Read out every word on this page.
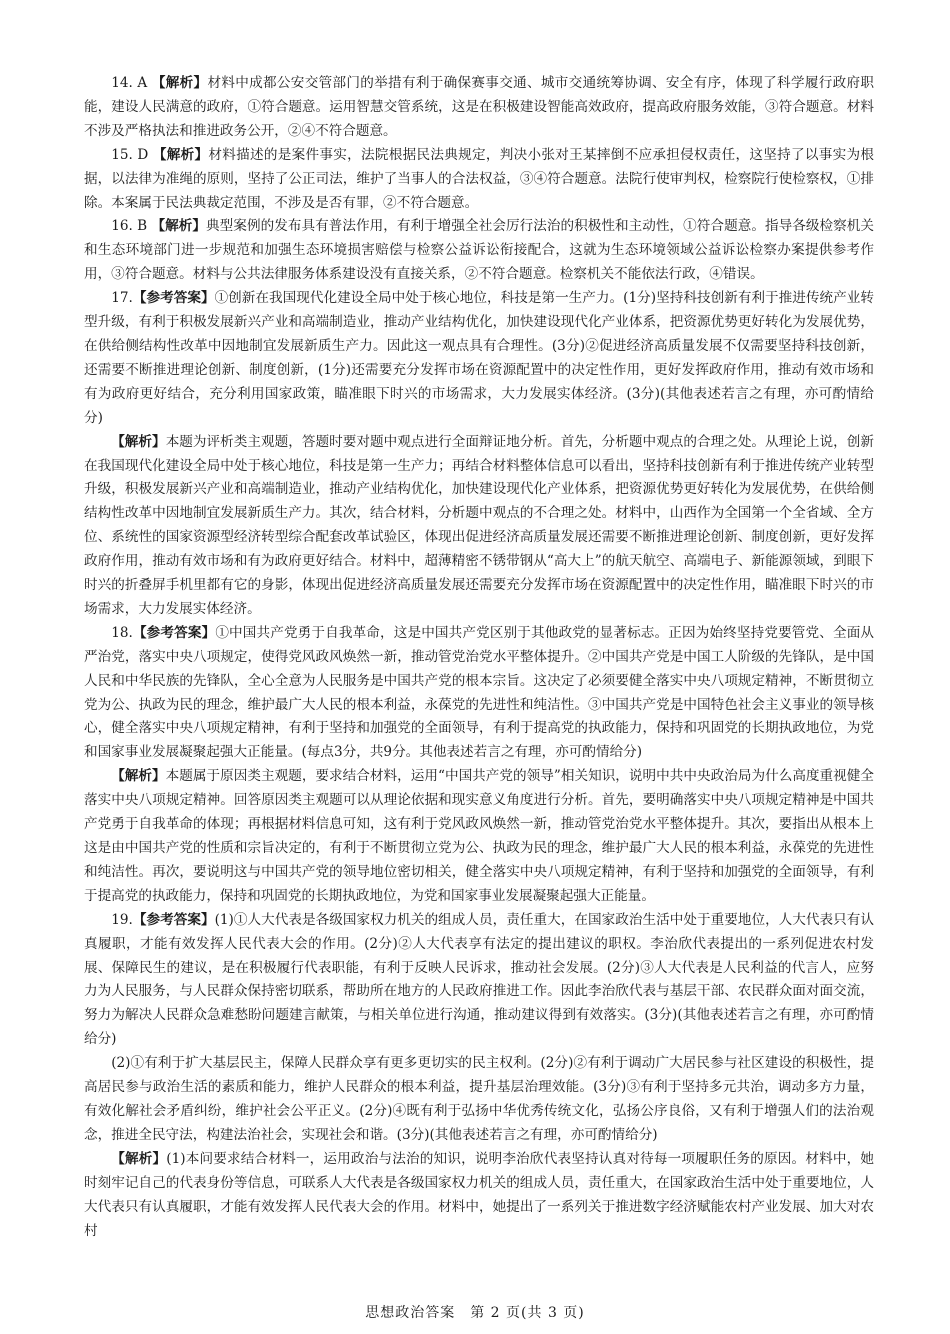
14. A 【解析】材料中成都公安交管部门的举措有利于确保赛事交通、城市交通统筹协调、安全有序，体现了科学履行政府职能，建设人民满意的政府，①符合题意。运用智慧交管系统，这是在积极建设智能高效政府，提高政府服务效能，③符合题意。材料不涉及严格执法和推进政务公开，②④不符合题意。

15. D 【解析】材料描述的是案件事实，法院根据民法典规定，判决小张对王某摔倒不应承担侵权责任，这坚持了以事实为根据，以法律为准绳的原则，坚持了公正司法，维护了当事人的合法权益，③④符合题意。法院行使审判权，检察院行使检察权，①排除。本案属于民法典裁定范围，不涉及是否有罪，②不符合题意。

16. B 【解析】典型案例的发布具有普法作用，有利于增强全社会厉行法治的积极性和主动性，①符合题意。指导各级检察机关和生态环境部门进一步规范和加强生态环境损害赔偿与检察公益诉讼衔接配合，这就为生态环境领域公益诉讼检察办案提供参考作用，③符合题意。材料与公共法律服务体系建设没有直接关系，②不符合题意。检察机关不能依法行政，④错误。

17.【参考答案】①创新在我国现代化建设全局中处于核心地位，科技是第一生产力。(1分)坚持科技创新有利于推进传统产业转型升级，有利于积极发展新兴产业和高端制造业，推动产业结构优化，加快建设现代化产业体系，把资源优势更好转化为发展优势，在供给侧结构性改革中因地制宜发展新质生产力。因此这一观点具有合理性。(3分)②促进经济高质量发展不仅需要坚持科技创新，还需要不断推进理论创新、制度创新，(1分)还需要充分发挥市场在资源配置中的决定性作用，更好发挥政府作用，推动有效市场和有为政府更好结合，充分利用国家政策，瞄准眼下时兴的市场需求，大力发展实体经济。(3分)(其他表述若言之有理，亦可酌情给分)

【解析】本题为评析类主观题，答题时要对题中观点进行全面辩证地分析。首先，分析题中观点的合理之处。从理论上说，创新在我国现代化建设全局中处于核心地位，科技是第一生产力；再结合材料整体信息可以看出，坚持科技创新有利于推进传统产业转型升级，积极发展新兴产业和高端制造业，推动产业结构优化，加快建设现代化产业体系，把资源优势更好转化为发展优势，在供给侧结构性改革中因地制宜发展新质生产力。其次，结合材料，分析题中观点的不合理之处。材料中，山西作为全国第一个全省域、全方位、系统性的国家资源型经济转型综合配套改革试验区，体现出促进经济高质量发展还需要不断推进理论创新、制度创新，更好发挥政府作用，推动有效市场和有为政府更好结合。材料中，超薄精密不锈带钢从“高大上”的航天航空、高端电子、新能源领域，到眼下时兴的折叠屏手机里都有它的身影，体现出促进经济高质量发展还需要充分发挥市场在资源配置中的决定性作用，瞄准眼下时兴的市场需求，大力发展实体经济。

18.【参考答案】①中国共产党勇于自我革命，这是中国共产党区别于其他政党的显著标志。正因为始终坚持党要管党、全面从严治党，落实中央八项规定，使得党风政风焕然一新，推动管党治党水平整体提升。②中国共产党是中国工人阶级的先锋队，是中国人民和中华民族的先锋队，全心全意为人民服务是中国共产党的根本宗旨。这决定了必须要健全落实中央八项规定精神，不断贯彻立党为公、执政为民的理念，维护最广大人民的根本利益，永葆党的先进性和纯洁性。③中国共产党是中国特色社会主义事业的领导核心，健全落实中央八项规定精神，有利于坚持和加强党的全面领导，有利于提高党的执政能力，保持和巩固党的长期执政地位，为党和国家事业发展凝聚起强大正能量。(每点3分，共9分。其他表述若言之有理，亦可酌情给分)

【解析】本题属于原因类主观题，要求结合材料，运用“中国共产党的领导”相关知识，说明中共中央政治局为什么高度重视健全落实中央八项规定精神。回答原因类主观题可以从理论依据和现实意义角度进行分析。首先，要明确落实中央八项规定精神是中国共产党勇于自我革命的体现；再根据材料信息可知，这有利于党风政风焕然一新，推动管党治党水平整体提升。其次，要指出从根本上这是由中国共产党的性质和宗旨决定的，有利于不断贯彻立党为公、执政为民的理念，维护最广大人民的根本利益，永葆党的先进性和纯洁性。再次，要说明这与中国共产党的领导地位密切相关，健全落实中央八项规定精神，有利于坚持和加强党的全面领导，有利于提高党的执政能力，保持和巩固党的长期执政地位，为党和国家事业发展凝聚起强大正能量。

19.【参考答案】(1)①人大代表是各级国家权力机关的组成人员，责任重大，在国家政治生活中处于重要地位，人大代表只有认真履职，才能有效发挥人民代表大会的作用。(2分)②人大代表享有法定的提出建议的职权。李治欣代表提出的一系列促进农村发展、保障民生的建议，是在积极履行代表职能，有利于反映人民诉求，推动社会发展。(2分)③人大代表是人民利益的代言人，应努力为人民服务，与人民群众保持密切联系，帮助所在地方的人民政府推进工作。因此李治欣代表与基层干部、农民群众面对面交流，努力为解决人民群众急难愁盼问题建言献策，与相关单位进行沟通，推动建议得到有效落实。(3分)(其他表述若言之有理，亦可酌情给分)

(2)①有利于扩大基层民主，保障人民群众享有更多更切实的民主权利。(2分)②有利于调动广大居民参与社区建设的积极性，提高居民参与政治生活的素质和能力，维护人民群众的根本利益，提升基层治理效能。(3分)③有利于坚持多元共治，调动多方力量，有效化解社会矛盾纠纷，维护社会公平正义。(2分)④既有利于弘扬中华优秀传统文化，弘扬公序良俗，又有利于增强人们的法治观念，推进全民守法，构建法治社会，实现社会和谐。(3分)(其他表述若言之有理，亦可酌情给分)

【解析】(1)本问要求结合材料一，运用政治与法治的知识，说明李治欣代表坚持认真对待每一项履职任务的原因。材料中，她时刻牢记自己的代表身份等信息，可联系人大代表是各级国家权力机关的组成人员，责任重大，在国家政治生活中处于重要地位，人大代表只有认真履职，才能有效发挥人民代表大会的作用。材料中，她提出了一系列关于推进数字经济赋能农村产业发展、加大对农村

思想政治答案　第 2 页(共 3 页)
